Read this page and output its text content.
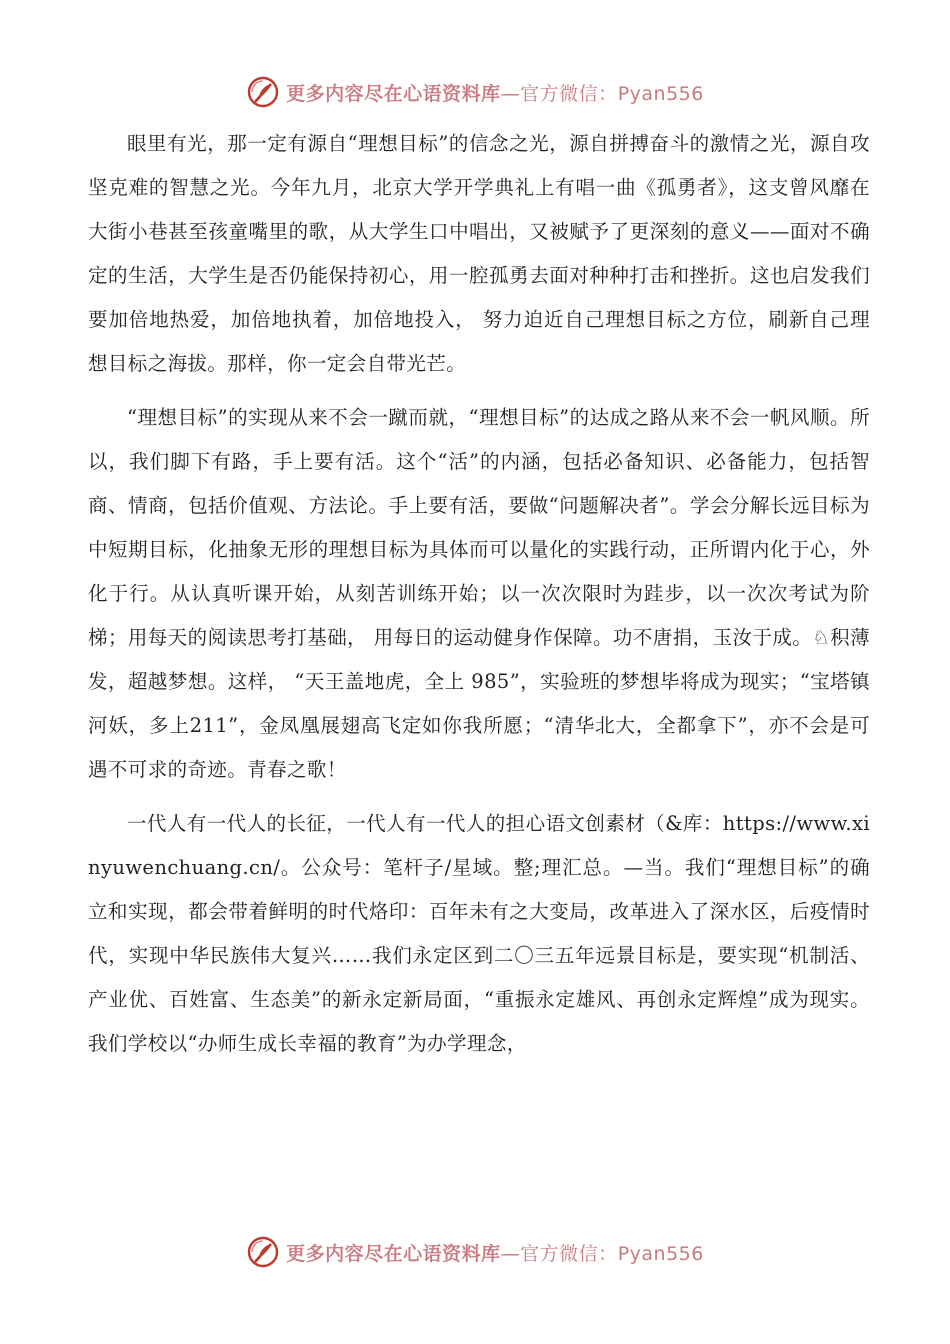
更多内容尽在心语资料库—官方微信：Pyan556

眼里有光，那一定有源自“理想目标”的信念之光，源自拼搏奋斗的激情之光，源自攻坚克难的智慧之光。今年九月，北京大学开学典礼上有唱一曲《孤勇者》，这支曾风靡在大街小巷甚至孩童嘴里的歌，从大学生口中唱出，又被赋予了更深刻的意义——面对不确定的生活，大学生是否仍能保持初心，用一腔孤勇去面对种种打击和挫折。这也启发我们要加倍地热爱，加倍地执着，加倍地投入， 努力迫近自己理想目标之方位，刷新自己理想目标之海拔。那样，你一定会自带光芒。

“理想目标”的实现从来不会一蹴而就，“理想目标”的达成之路从来不会一帆风顺。所以，我们脚下有路，手上要有活。这个“活”的内涵，包括必备知识、必备能力，包括智商、情商，包括价值观、方法论。手上要有活，要做“问题解决者”。学会分解长远目标为中短期目标，化抽象无形的理想目标为具体而可以量化的实践行动，正所谓内化于心，外化于行。从认真听课开始，从刻苦训练开始；以一次次限时为跬步，以一次次考试为阶梯；用每天的阅读思考打基础， 用每日的运动健身作保障。功不唐捐，玉汝于成。♘积薄发，超越梦想。这样， “天王盖地虎，全上 985”，实验班的梦想毕将成为现实；“宝塔镇河妖，多上211”，金凤凰展翅高飞定如你我所愿；“清华北大，全都拿下”，亦不会是可遇不可求的奇迹。青春之歌！

一代人有一代人的长征，一代人有一代人的担心语文创素材（&库：https://www.xinyuwenchuang.cn/。公众号：笔杆子/星域。整;理汇总。—当。我们“理想目标”的确立和实现，都会带着鲜明的时代烙印：百年未有之大变局，改革进入了深水区，后疫情时代，实现中华民族伟大复兴……我们永定区到二〇三五年远景目标是，要实现“机制活、产业优、百姓富、生态美”的新永定新局面，“重振永定雄风、再创永定辉煌”成为现实。我们学校以“办师生成长幸福的教育”为办学理念，

更多内容尽在心语资料库—官方微信：Pyan556
